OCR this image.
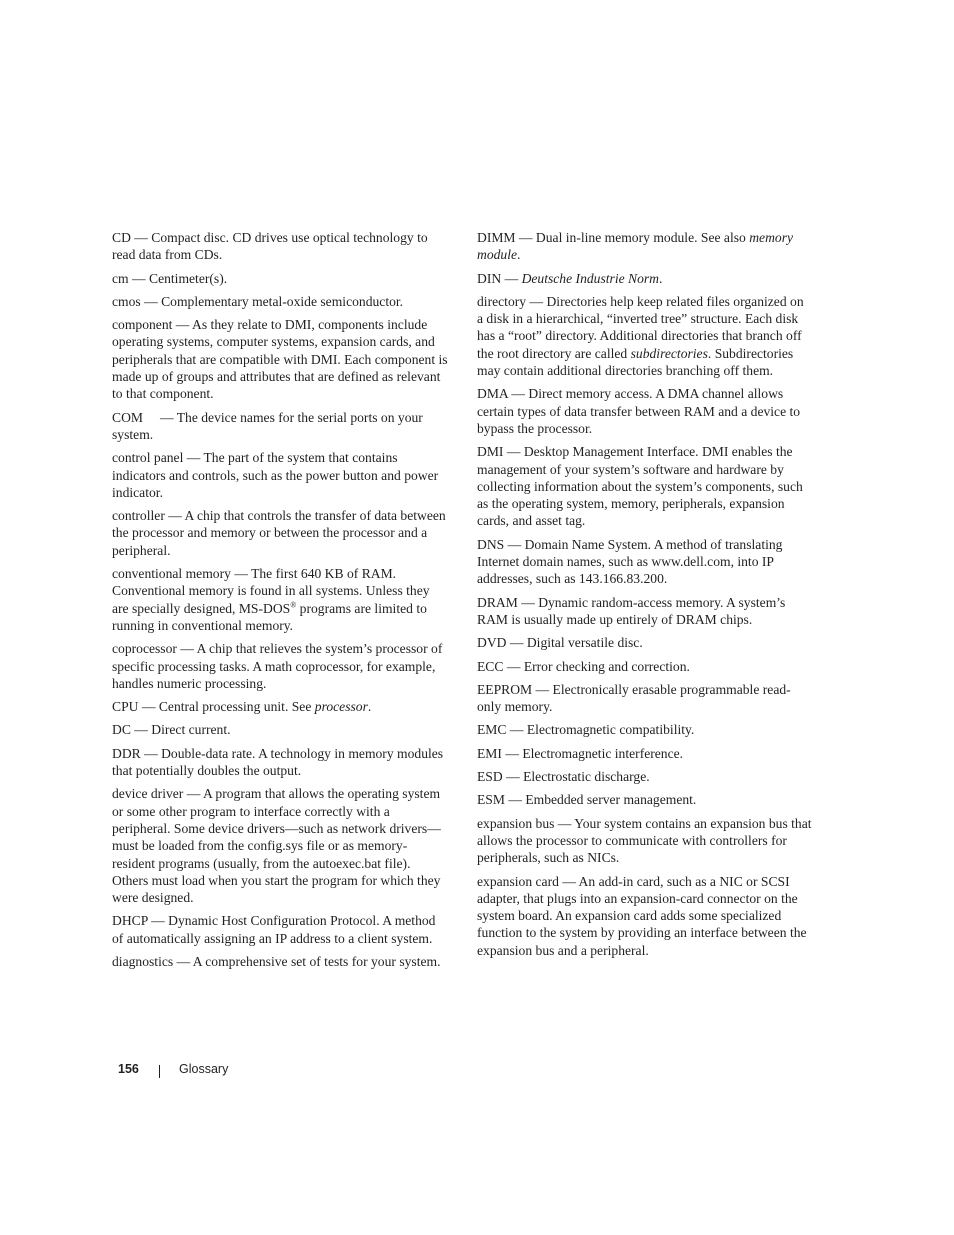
CD — Compact disc. CD drives use optical technology to read data from CDs.

cm — Centimeter(s).

cmos — Complementary metal-oxide semiconductor.

component — As they relate to DMI, components include operating systems, computer systems, expansion cards, and peripherals that are compatible with DMI. Each component is made up of groups and attributes that are defined as relevant to that component.

COM     — The device names for the serial ports on your system.

control panel — The part of the system that contains indicators and controls, such as the power button and power indicator.

controller — A chip that controls the transfer of data between the processor and memory or between the processor and a peripheral.

conventional memory — The first 640 KB of RAM. Conventional memory is found in all systems. Unless they are specially designed, MS-DOS® programs are limited to running in conventional memory.

coprocessor — A chip that relieves the system’s processor of specific processing tasks. A math coprocessor, for example, handles numeric processing.

CPU — Central processing unit. See processor.

DC — Direct current.

DDR — Double-data rate. A technology in memory modules that potentially doubles the output.

device driver — A program that allows the operating system or some other program to interface correctly with a peripheral. Some device drivers—such as network drivers—must be loaded from the config.sys file or as memory-resident programs (usually, from the autoexec.bat file). Others must load when you start the program for which they were designed.

DHCP — Dynamic Host Configuration Protocol. A method of automatically assigning an IP address to a client system.

diagnostics — A comprehensive set of tests for your system.

DIMM — Dual in-line memory module. See also memory module.

DIN — Deutsche Industrie Norm.

directory — Directories help keep related files organized on a disk in a hierarchical, “inverted tree” structure. Each disk has a “root” directory. Additional directories that branch off the root directory are called subdirectories. Subdirectories may contain additional directories branching off them.

DMA — Direct memory access. A DMA channel allows certain types of data transfer between RAM and a device to bypass the processor.

DMI — Desktop Management Interface. DMI enables the management of your system’s software and hardware by collecting information about the system’s components, such as the operating system, memory, peripherals, expansion cards, and asset tag.

DNS — Domain Name System. A method of translating Internet domain names, such as www.dell.com, into IP addresses, such as 143.166.83.200.

DRAM — Dynamic random-access memory. A system’s RAM is usually made up entirely of DRAM chips.

DVD — Digital versatile disc.

ECC — Error checking and correction.

EEPROM — Electronically erasable programmable read-only memory.

EMC — Electromagnetic compatibility.

EMI — Electromagnetic interference.

ESD — Electrostatic discharge.

ESM — Embedded server management.

expansion bus — Your system contains an expansion bus that allows the processor to communicate with controllers for peripherals, such as NICs.

expansion card — An add-in card, such as a NIC or SCSI adapter, that plugs into an expansion-card connector on the system board. An expansion card adds some specialized function to the system by providing an interface between the expansion bus and a peripheral.

156	Glossary
